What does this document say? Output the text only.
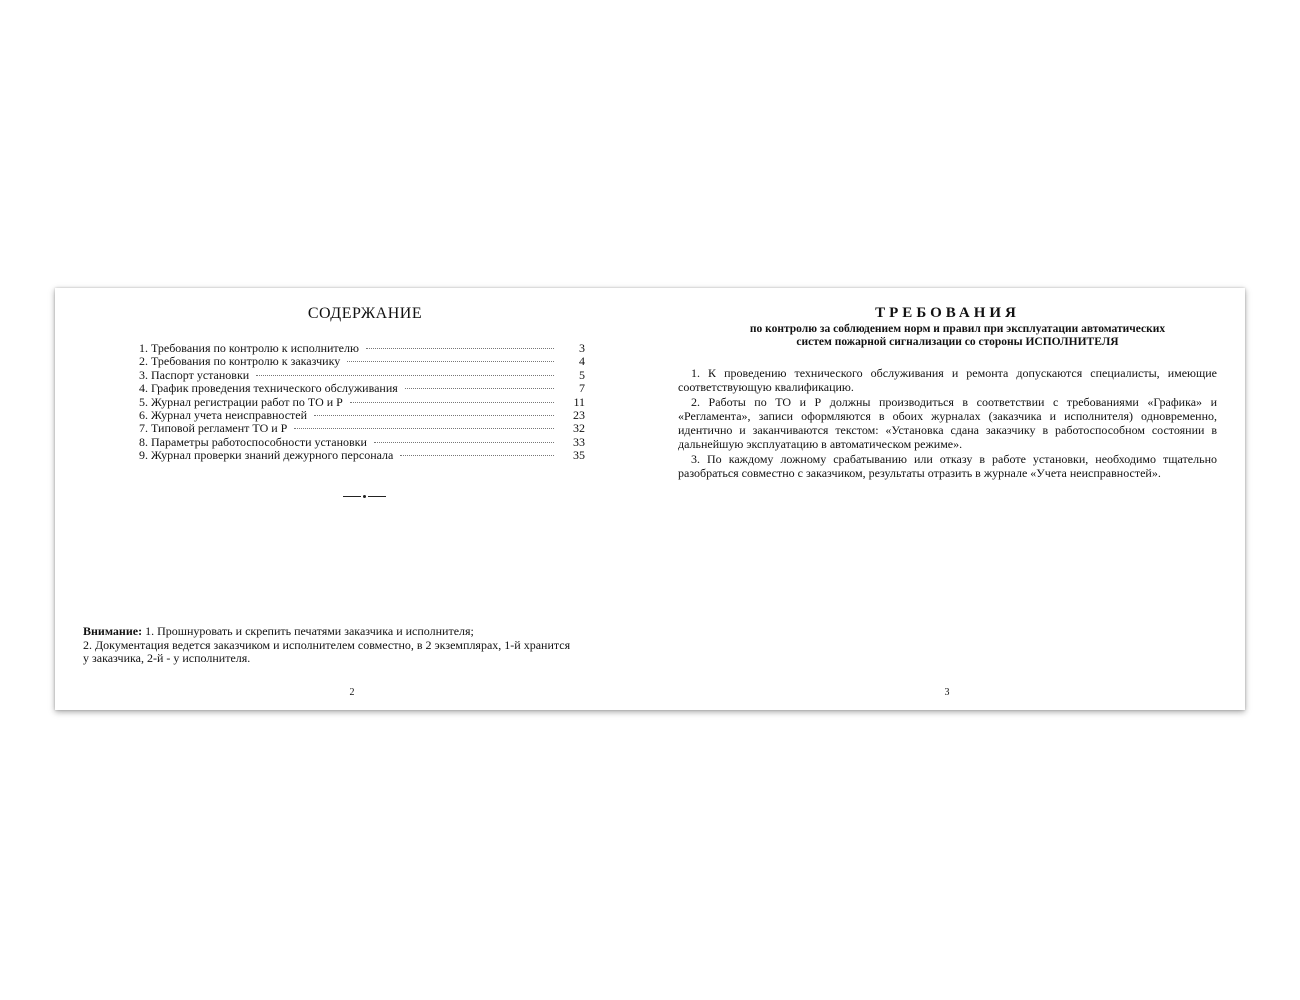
СОДЕРЖАНИЕ
1. Требования по контролю к исполнителю	3
2. Требования по контролю к заказчику	4
3. Паспорт установки	5
4. График проведения технического обслуживания	7
5. Журнал регистрации работ по ТО и Р	11
6. Журнал учета неисправностей	23
7. Типовой регламент ТО и Р	32
8. Параметры работоспособности установки	33
9. Журнал проверки знаний дежурного персонала	35
Внимание: 1. Прошнуровать и скрепить печатями заказчика и исполнителя;
2. Документация ведется заказчиком и исполнителем совместно, в 2 экземплярах, 1-й хранится
у заказчика, 2-й - у исполнителя.
2
ТРЕБОВАНИЯ
по контролю за соблюдением норм и правил при эксплуатации автоматических
систем пожарной сигнализации со стороны ИСПОЛНИТЕЛЯ

1. К проведению технического обслуживания и ремонта допускаются специалисты, имеющие соответствующую квалификацию.

2. Работы по ТО и Р должны производиться в соответствии с требованиями «Графика» и «Регламента», записи оформляются в обоих журналах (заказчика и исполнителя) одновременно, идентично и заканчиваются текстом: «Установка сдана заказчику в работоспособном состоянии в дальнейшую эксплуатацию в автоматическом режиме».

3. По каждому ложному срабатыванию или отказу в работе установки, необходимо тщательно разобраться совместно с заказчиком, результаты отразить в журнале «Учета неисправностей».

3
